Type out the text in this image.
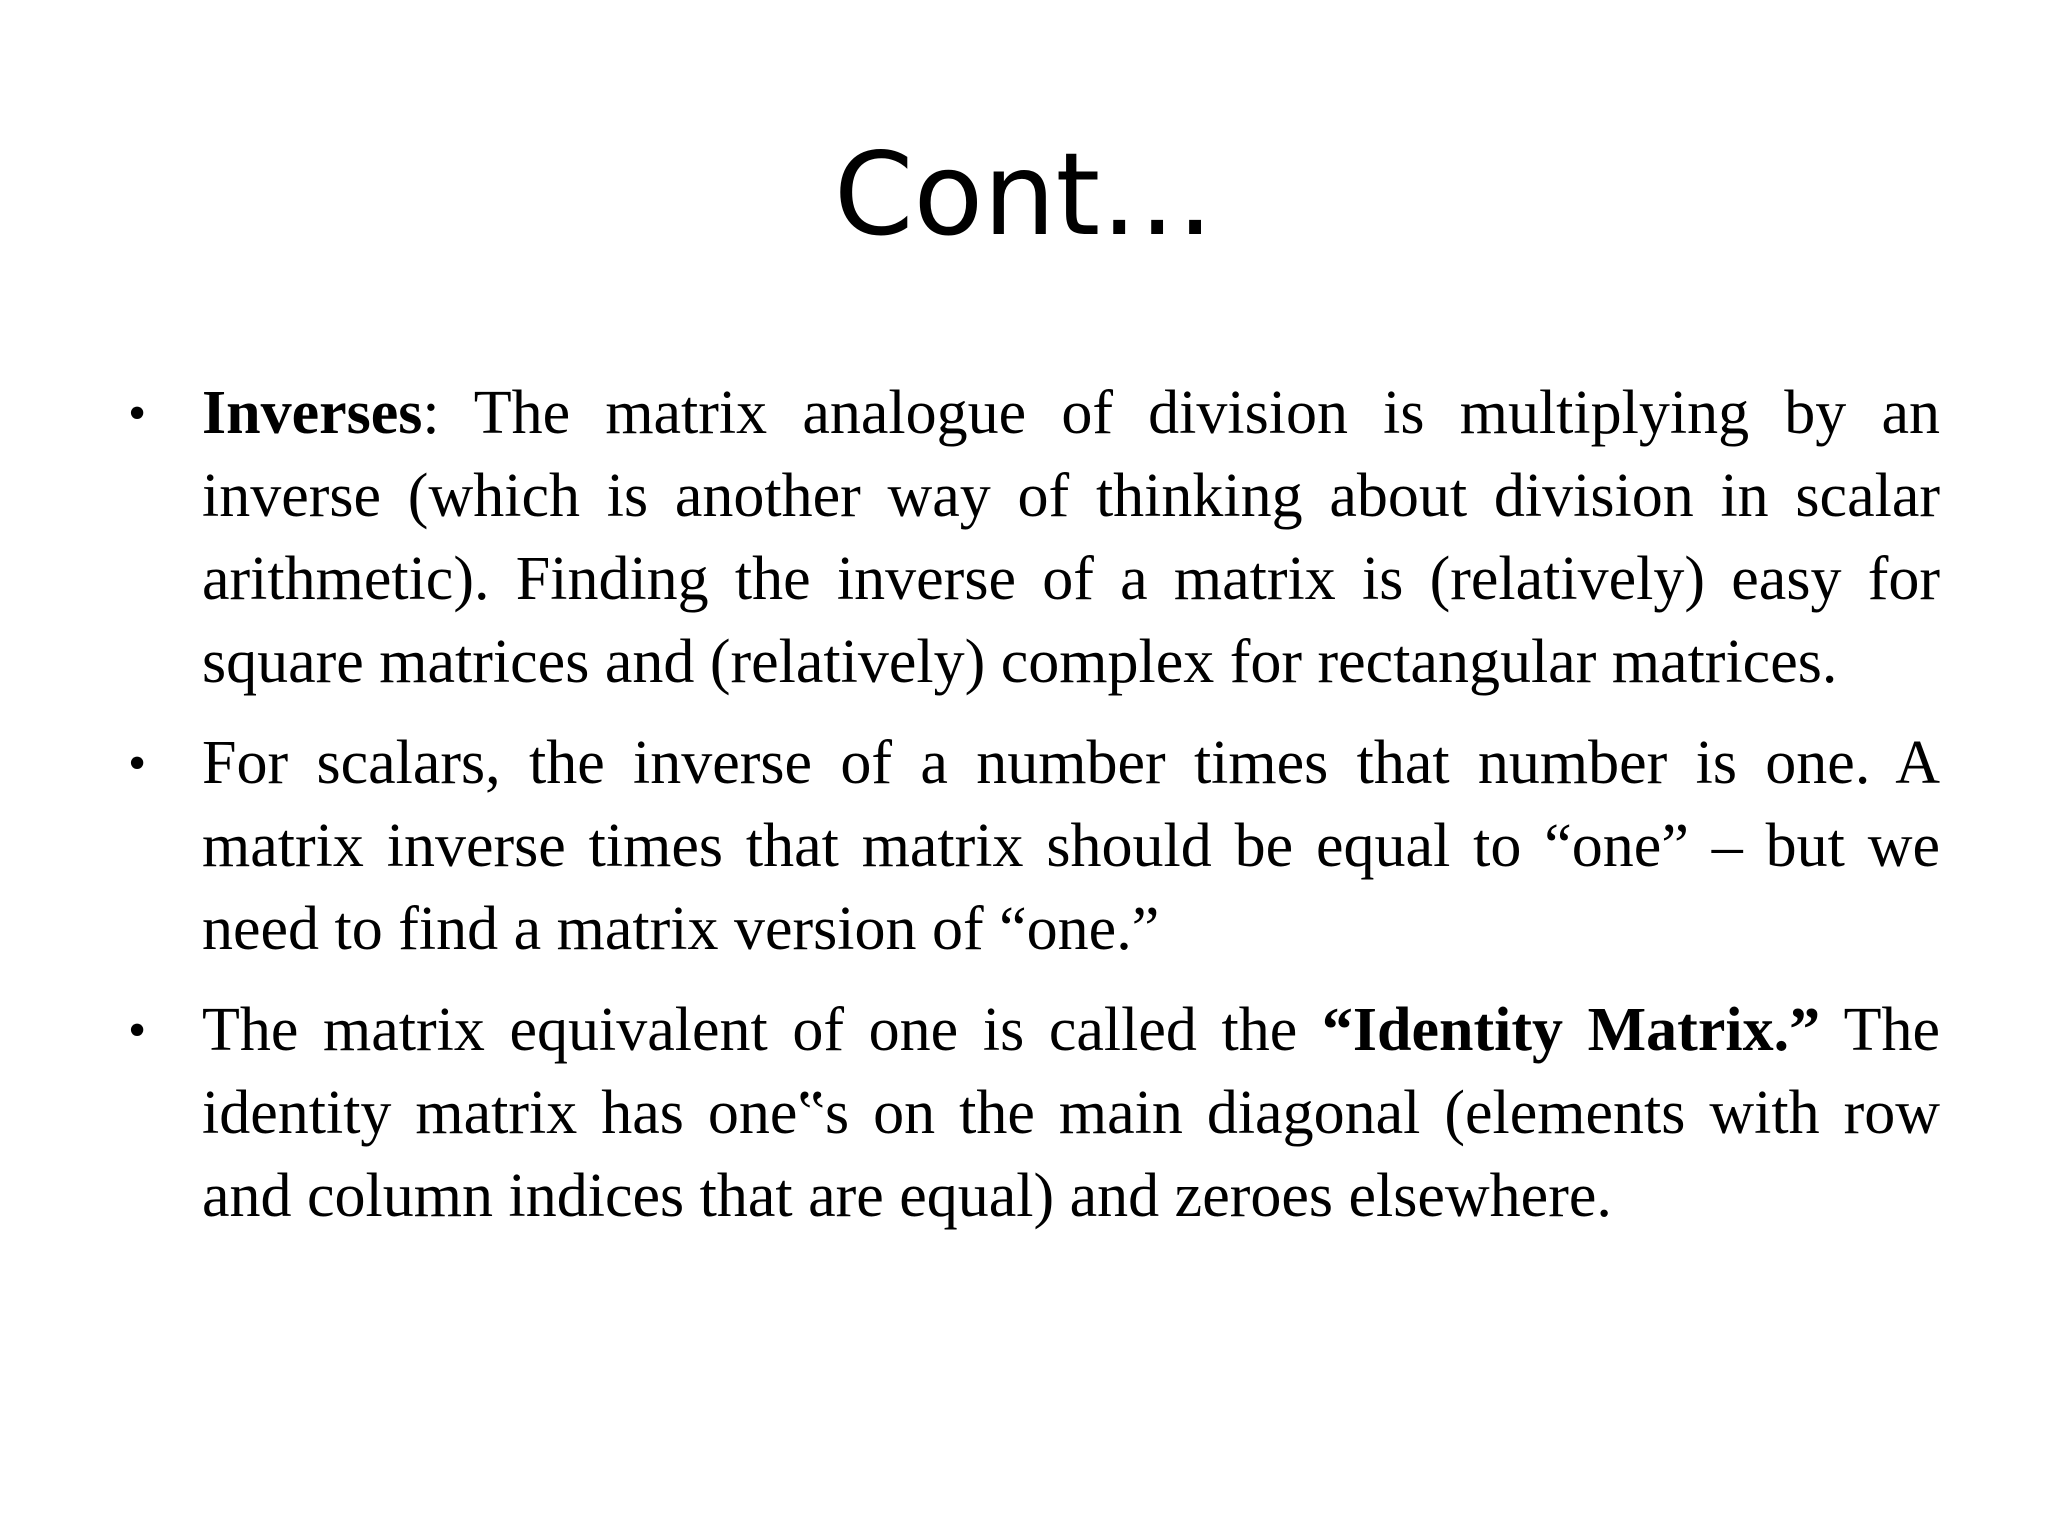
Cont…
• Inverses: The matrix analogue of division is multiplying by an inverse (which is another way of thinking about division in scalar arithmetic). Finding the inverse of a matrix is (relatively) easy for square matrices and (relatively) complex for rectangular matrices.
• For scalars, the inverse of a number times that number is one. A matrix inverse times that matrix should be equal to “one” – but we need to find a matrix version of “one.”
• The matrix equivalent of one is called the “Identity Matrix.” The identity matrix has one‟s on the main diagonal (elements with row and column indices that are equal) and zeroes elsewhere.
